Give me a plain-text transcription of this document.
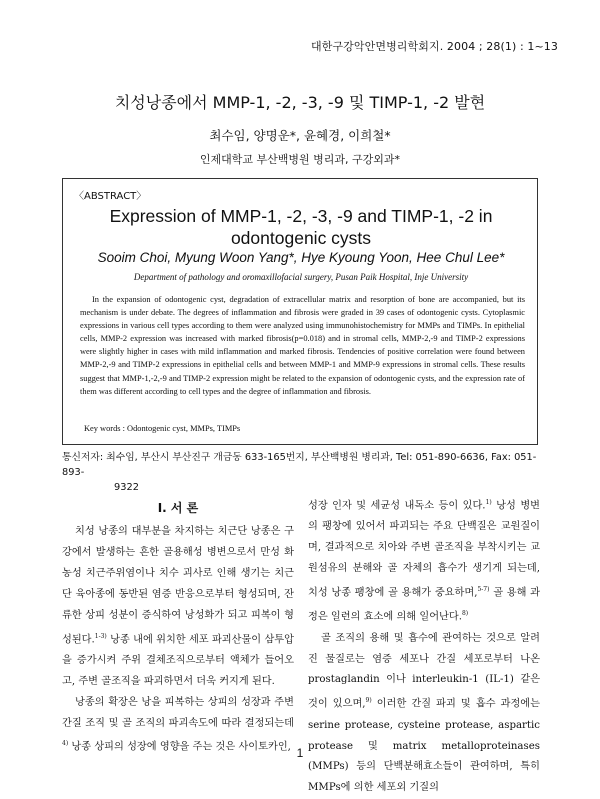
대한구강악안면병리학회지. 2004 ; 28(1) : 1~13
치성낭종에서 MMP-1, -2, -3, -9 및 TIMP-1, -2 발현
최수임, 양명운*, 윤혜경, 이희철*
인제대학교 부산백병원 병리과, 구강외과*
〈ABSTRACT〉
Expression of MMP-1, -2, -3, -9 and TIMP-1, -2 in odontogenic cysts
Sooim Choi, Myung Woon Yang*, Hye Kyoung Yoon, Hee Chul Lee*
Department of pathology and oromaxillofacial surgery, Pusan Paik Hospital, Inje University
In the expansion of odontogenic cyst, degradation of extracellular matrix and resorption of bone are accompanied, but its mechanism is under debate. The degrees of inflammation and fibrosis were graded in 39 cases of odontogenic cysts. Cytoplasmic expressions in various cell types according to them were analyzed using immunohistochemistry for MMPs and TIMPs. In epithelial cells, MMP-2 expression was increased with marked fibrosis(p=0.018) and in stromal cells, MMP-2,-9 and TIMP-2 expressions were slightly higher in cases with mild inflammation and marked fibrosis. Tendencies of positive correlation were found between MMP-2,-9 and TIMP-2 expressions in epithelial cells and between MMP-1 and MMP-9 expressions in stromal cells. These results suggest that MMP-1,-2,-9 and TIMP-2 expression might be related to the expansion of odontogenic cysts, and the expression rate of them was different according to cell types and the degree of inflammation and fibrosis.
Key words : Odontogenic cyst, MMPs, TIMPs
통신저자: 최수임, 부산시 부산진구 개금동 633-165번지, 부산백병원 병리과, Tel: 051-890-6636, Fax: 051-893-
9322
I. 서 론

치성 낭종의 대부분을 차지하는 치근단 낭종은 구강에서 발생하는 흔한 골용해성 병변으로서 만성 화농성 치근주위염이나 치수 괴사로 인해 생기는 치근단 육아종에 동반된 염증 반응으로부터 형성되며, 잔류한 상피 성분이 증식하여 낭성화가 되고 피복이 형성된다.$^{1-3)}$ 낭종 내에 위치한 세포 파괴산물이 삼투압을 증가시켜 주위 결체조직으로부터 액체가 들어오고, 주변 골조직을 파괴하면서 더욱 커지게 된다.

낭종의 확장은 낭을 피복하는 상피의 성장과 주변 간질 조직 및 골 조직의 파괴속도에 따라 결정되는데$^{4)}$ 낭종 상피의 성장에 영향을 주는 것은 사이토카인,

성장 인자 및 세균성 내독소 등이 있다.$^{1)}$ 낭성 병변의 팽창에 있어서 파괴되는 주요 단백질은 교원질이며, 결과적으로 치아와 주변 골조직을 부착시키는 교원섬유의 분해와 골 자체의 흡수가 생기게 되는데, 치성 낭종 팽창에 골 용해가 중요하며,$^{5-7)}$ 골 용해 과정은 일련의 효소에 의해 일어난다.$^{8)}$

골 조직의 용해 및 흡수에 관여하는 것으로 알려진 물질로는 염증 세포나 간질 세포로부터 나온 prostaglandin 이나 interleukin-1 (IL-1) 같은 것이 있으며,$^{9)}$ 이러한 간질 파괴 및 흡수 과정에는 serine protease, cysteine protease, aspartic protease 및 matrix metalloproteinases (MMPs) 등의 단백분해효소들이 관여하며, 특히 MMPs에 의한 세포외 기질의

1
